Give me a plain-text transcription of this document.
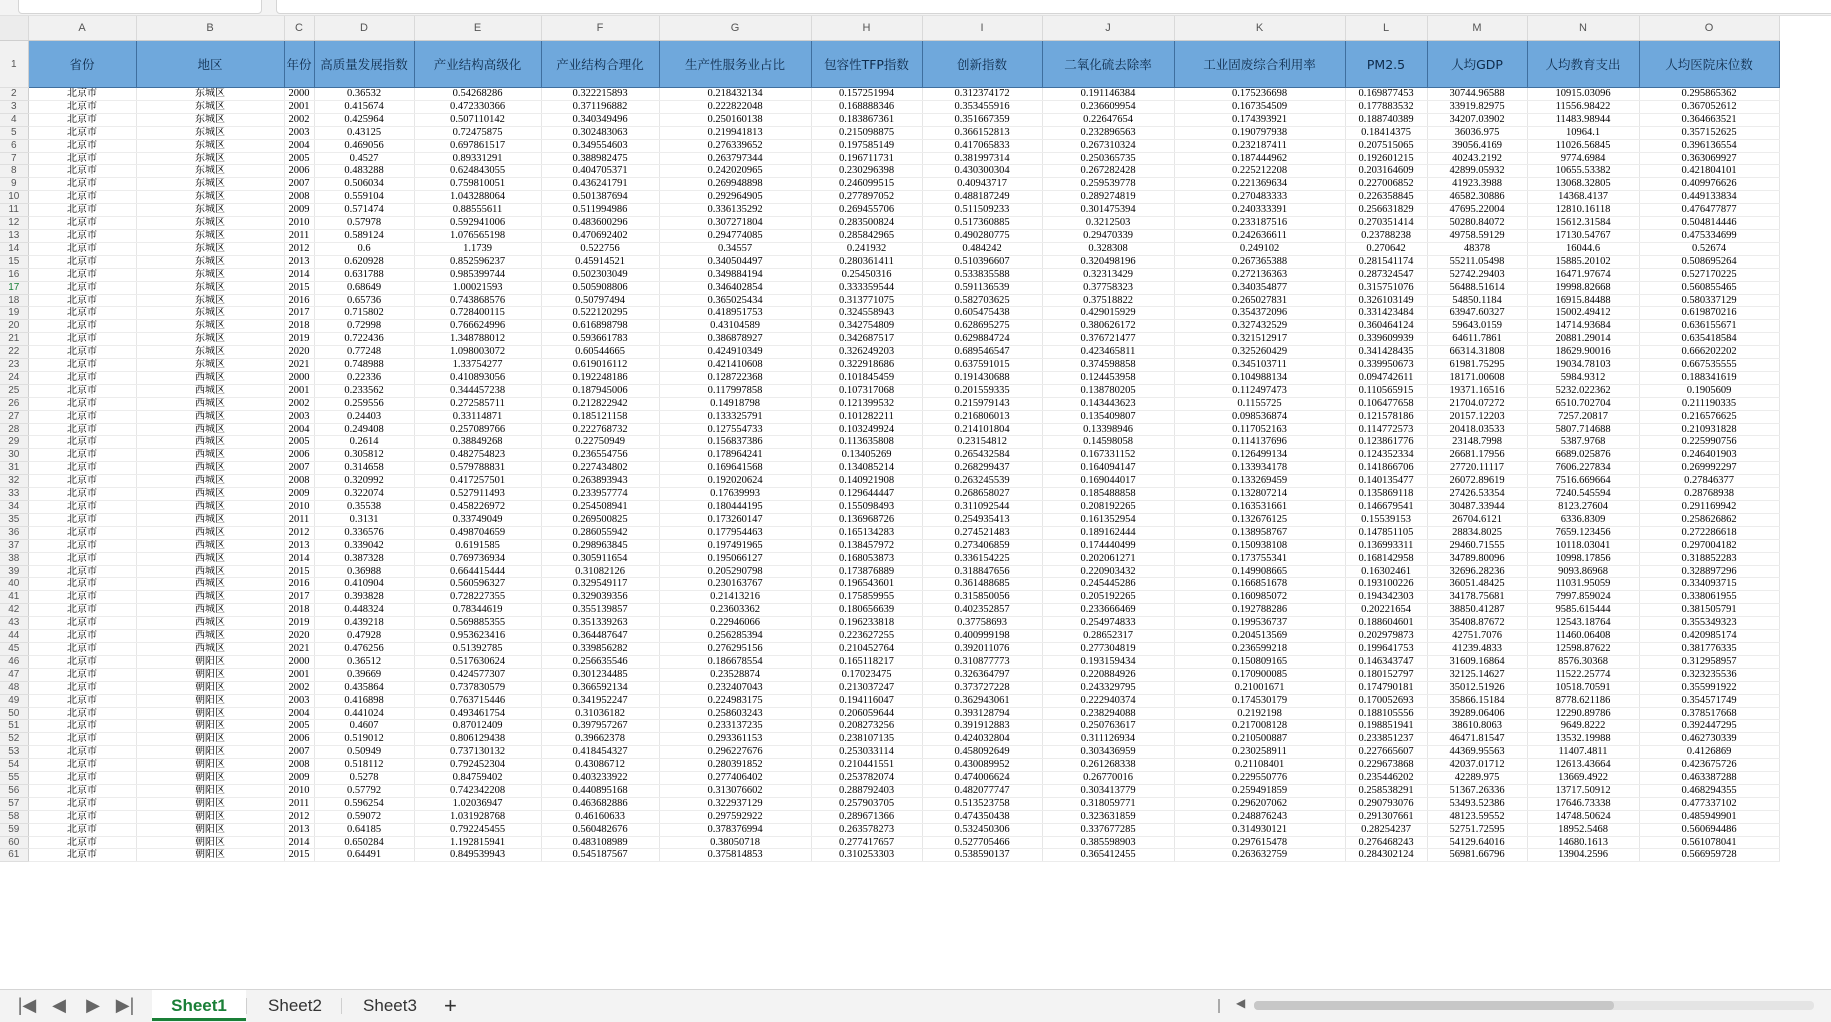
	A	B	C	D	E	F	G	H	I	J	K	L	M	N	O
1	省份	地区	年份	高质量发展指数	产业结构高级化	产业结构合理化	生产性服务业占比	包容性TFP指数	创新指数	二氧化硫去除率	工业固废综合利用率	PM2.5	人均GDP	人均教育支出	人均医院床位数
2	北京市	东城区	2000	0.36532	0.54268286	0.322215893	0.218432134	0.157251994	0.312374172	0.191146384	0.175236698	0.169877453	30744.96588	10915.03096	0.295865362
3	北京市	东城区	2001	0.415674	0.472330366	0.371196882	0.222822048	0.168888346	0.353455916	0.236609954	0.167354509	0.177883532	33919.82975	11556.98422	0.367052612
4	北京市	东城区	2002	0.425964	0.507110142	0.340349496	0.250160138	0.183867361	0.351667359	0.22647654	0.174393921	0.188740389	34207.03902	11483.98944	0.364663521
5	北京市	东城区	2003	0.43125	0.72475875	0.302483063	0.219941813	0.215098875	0.366152813	0.232896563	0.190797938	0.18414375	36036.975	10964.1	0.357152625
6	北京市	东城区	2004	0.469056	0.697861517	0.349554603	0.276339652	0.197585149	0.417065833	0.267310324	0.232187411	0.207515065	39056.4169	11026.56845	0.396136554
7	北京市	东城区	2005	0.4527	0.89331291	0.388982475	0.263797344	0.196711731	0.381997314	0.250365735	0.187444962	0.192601215	40243.2192	9774.6984	0.363069927
8	北京市	东城区	2006	0.483288	0.624843055	0.404705371	0.242020965	0.230296398	0.430300304	0.267282428	0.225212208	0.203164609	42899.05932	10655.53382	0.421804101
9	北京市	东城区	2007	0.506034	0.759810051	0.436241791	0.269948898	0.246099515	0.40943717	0.259539778	0.221369634	0.227006852	41923.3988	13068.32805	0.409976626
10	北京市	东城区	2008	0.559104	1.043288064	0.501387694	0.292964905	0.277897052	0.488187249	0.289274819	0.270483333	0.226358845	46582.30886	14368.4137	0.449133834
11	北京市	东城区	2009	0.571474	0.88555611	0.511994986	0.336135292	0.269455706	0.511509233	0.301475394	0.240333391	0.256631829	47695.22004	12810.16118	0.476477877
12	北京市	东城区	2010	0.57978	0.592941006	0.483600296	0.307271804	0.283500824	0.517360885	0.3212503	0.233187516	0.270351414	50280.84072	15612.31584	0.504814446
13	北京市	东城区	2011	0.589124	1.076565198	0.470692402	0.294774085	0.285842965	0.490280775	0.29470339	0.242636611	0.23788238	49758.59129	17130.54767	0.475334699
14	北京市	东城区	2012	0.6	1.1739	0.522756	0.34557	0.241932	0.484242	0.328308	0.249102	0.270642	48378	16044.6	0.52674
15	北京市	东城区	2013	0.620928	0.852596237	0.45914521	0.340504497	0.280361411	0.510396607	0.320498196	0.267365388	0.281541174	55211.05498	15885.20102	0.508695264
16	北京市	东城区	2014	0.631788	0.985399744	0.502303049	0.349884194	0.25450316	0.533835588	0.32313429	0.272136363	0.287324547	52742.29403	16471.97674	0.527170225
17	北京市	东城区	2015	0.68649	1.00021593	0.505908806	0.346402854	0.333359544	0.591136539	0.37758323	0.340354877	0.315751076	56488.51614	19998.82668	0.560855465
18	北京市	东城区	2016	0.65736	0.743868576	0.50797494	0.365025434	0.313771075	0.582703625	0.37518822	0.265027831	0.326103149	54850.1184	16915.84488	0.580337129
19	北京市	东城区	2017	0.715802	0.728400115	0.522120295	0.418951753	0.324558943	0.605475438	0.429015929	0.354372096	0.331423484	63947.60327	15002.49412	0.619870216
20	北京市	东城区	2018	0.72998	0.766624996	0.616898798	0.43104589	0.342754809	0.628695275	0.380626172	0.327432529	0.360464124	59643.0159	14714.93684	0.636155671
21	北京市	东城区	2019	0.722436	1.348788012	0.593661783	0.386878927	0.342687517	0.629884724	0.376721477	0.321512917	0.339609939	64611.7861	20881.29014	0.635418584
22	北京市	东城区	2020	0.77248	1.098003072	0.60544665	0.424910349	0.326249203	0.689546547	0.423465811	0.325260429	0.341428435	66314.31808	18629.90016	0.666202202
23	北京市	东城区	2021	0.748988	1.33754277	0.619016112	0.421410608	0.322918686	0.637591015	0.374598858	0.345103711	0.339950673	61981.75295	19034.78103	0.667535555
24	北京市	西城区	2000	0.22336	0.410893056	0.192248186	0.128722368	0.101845459	0.191430688	0.124453958	0.104988134	0.094742611	18171.00608	5984.9312	0.188341619
25	北京市	西城区	2001	0.233562	0.344457238	0.187945006	0.117997858	0.107317068	0.201559335	0.138780205	0.112497473	0.110565915	19371.16516	5232.022362	0.1905609
26	北京市	西城区	2002	0.259556	0.272585711	0.212822942	0.14918798	0.121399532	0.215979143	0.143443623	0.1155725	0.106477658	21704.07272	6510.702704	0.211190335
27	北京市	西城区	2003	0.24403	0.33114871	0.185121158	0.133325791	0.101282211	0.216806013	0.135409807	0.098536874	0.121578186	20157.12203	7257.20817	0.216576625
28	北京市	西城区	2004	0.249408	0.257089766	0.222768732	0.127554733	0.103249924	0.214101804	0.13398946	0.117052163	0.114772573	20418.03533	5807.714688	0.210931828
29	北京市	西城区	2005	0.2614	0.38849268	0.22750949	0.156837386	0.113635808	0.23154812	0.14598058	0.114137696	0.123861776	23148.7998	5387.9768	0.225990756
30	北京市	西城区	2006	0.305812	0.482754823	0.236554756	0.178964241	0.13405269	0.265432584	0.167331152	0.126499134	0.124352334	26681.17956	6689.025876	0.246401903
31	北京市	西城区	2007	0.314658	0.579788831	0.227434802	0.169641568	0.134085214	0.268299437	0.164094147	0.133934178	0.141866706	27720.11117	7606.227834	0.269992297
32	北京市	西城区	2008	0.320992	0.417257501	0.263893943	0.192020624	0.140921908	0.263245539	0.169044017	0.133269459	0.140135477	26072.89619	7516.669664	0.27846377
33	北京市	西城区	2009	0.322074	0.527911493	0.233957774	0.17639993	0.129644447	0.268658027	0.185488858	0.132807214	0.135869118	27426.53354	7240.545594	0.28768938
34	北京市	西城区	2010	0.35538	0.458226972	0.254508941	0.180444195	0.155098493	0.311092544	0.208192265	0.163531661	0.146679541	30487.33944	8123.27604	0.291169942
35	北京市	西城区	2011	0.3131	0.33749049	0.269500825	0.173260147	0.136968726	0.254935413	0.161352954	0.132676125	0.15539153	26704.6121	6336.8309	0.258626862
36	北京市	西城区	2012	0.336576	0.498704659	0.286055942	0.177954463	0.165134283	0.274521483	0.189162444	0.138958767	0.147851105	28834.8025	7659.123456	0.272286618
37	北京市	西城区	2013	0.339042	0.6191585	0.298963845	0.197491965	0.138457972	0.273406859	0.174440499	0.150938108	0.136993311	29460.71555	10118.03041	0.297004182
38	北京市	西城区	2014	0.387328	0.769736934	0.305911654	0.195066127	0.168053873	0.336154225	0.202061271	0.173755341	0.168142958	34789.80096	10998.17856	0.318852283
39	北京市	西城区	2015	0.36988	0.664415444	0.31082126	0.205290798	0.173876889	0.318847656	0.220903432	0.149908665	0.16302461	32696.28236	9093.86968	0.328897296
40	北京市	西城区	2016	0.410904	0.560596327	0.329549117	0.230163767	0.196543601	0.361488685	0.245445286	0.166851678	0.193100226	36051.48425	11031.95059	0.334093715
41	北京市	西城区	2017	0.393828	0.728227355	0.329039356	0.21413216	0.175859955	0.315850056	0.205192265	0.160985072	0.194342303	34178.75681	7997.859024	0.338061955
42	北京市	西城区	2018	0.448324	0.78344619	0.355139857	0.23603362	0.180656639	0.402352857	0.233666469	0.192788286	0.20221654	38850.41287	9585.615444	0.381505791
43	北京市	西城区	2019	0.439218	0.569885355	0.351339263	0.22946066	0.196233818	0.37758693	0.254974833	0.199536737	0.188604601	35408.87672	12543.18764	0.355349323
44	北京市	西城区	2020	0.47928	0.953623416	0.364487647	0.256285394	0.223627255	0.400999198	0.28652317	0.204513569	0.202979873	42751.7076	11460.06408	0.420985174
45	北京市	西城区	2021	0.476256	0.51392785	0.339856282	0.276295156	0.210452764	0.392011076	0.277304819	0.236599218	0.199641753	41239.4833	12598.87622	0.381776335
46	北京市	朝阳区	2000	0.36512	0.517630624	0.256635546	0.186678554	0.165118217	0.310877773	0.193159434	0.150809165	0.146343747	31609.16864	8576.30368	0.312958957
47	北京市	朝阳区	2001	0.39669	0.424577307	0.301234485	0.23528874	0.17023475	0.326364797	0.220884926	0.170900085	0.180152797	32125.14627	11522.25774	0.323235536
48	北京市	朝阳区	2002	0.435864	0.737830579	0.366592134	0.232407043	0.213037247	0.373727228	0.243329795	0.21001671	0.174790181	35012.51926	10518.70591	0.355991922
49	北京市	朝阳区	2003	0.416898	0.763715446	0.341952247	0.224983175	0.194116047	0.362943061	0.222940374	0.174530179	0.170052693	35866.15184	8778.621186	0.354571749
50	北京市	朝阳区	2004	0.441024	0.493461754	0.31036182	0.258603243	0.206059644	0.393128794	0.238294088	0.2192198	0.188105556	39289.06406	12290.89786	0.378517668
51	北京市	朝阳区	2005	0.4607	0.87012409	0.397957267	0.233137235	0.208273256	0.391912883	0.250763617	0.217008128	0.198851941	38610.8063	9649.8222	0.392447295
52	北京市	朝阳区	2006	0.519012	0.806129438	0.39662378	0.293361153	0.238107135	0.424032804	0.311126934	0.210500887	0.233851237	46471.81547	13532.19988	0.462730339
53	北京市	朝阳区	2007	0.50949	0.737130132	0.418454327	0.296227676	0.253033114	0.458092649	0.303436959	0.230258911	0.227665607	44369.95563	11407.4811	0.4126869
54	北京市	朝阳区	2008	0.518112	0.792452304	0.43086712	0.280391852	0.210441551	0.430089952	0.261268338	0.21108401	0.229673868	42037.01712	12613.43664	0.423675726
55	北京市	朝阳区	2009	0.5278	0.84759402	0.403233922	0.277406402	0.253782074	0.474006624	0.26770016	0.229550776	0.235446202	42289.975	13669.4922	0.463387288
56	北京市	朝阳区	2010	0.57792	0.742342208	0.440895168	0.313076602	0.288792403	0.482077747	0.303413779	0.259491859	0.258538291	51367.26336	13717.50912	0.468294355
57	北京市	朝阳区	2011	0.596254	1.02036947	0.463682886	0.322937129	0.257903705	0.513523758	0.318059771	0.296207062	0.290793076	53493.52386	17646.73338	0.477337102
58	北京市	朝阳区	2012	0.59072	1.031928768	0.46160633	0.297592922	0.289671366	0.474350438	0.323631859	0.248876243	0.291307661	48123.59552	14748.50624	0.485949901
59	北京市	朝阳区	2013	0.64185	0.792245455	0.560482676	0.378376994	0.263578273	0.532450306	0.337677285	0.314930121	0.28254237	52751.72595	18952.5468	0.560694486
60	北京市	朝阳区	2014	0.650284	1.192815941	0.483108989	0.38050718	0.277417657	0.527705466	0.385598903	0.297615478	0.276468243	54129.64016	14680.1613	0.561078041
61	北京市	朝阳区	2015	0.64491	0.849539943	0.545187567	0.375814853	0.310253303	0.538590137	0.365412455	0.263632759	0.284302124	56981.66796	13904.2596	0.566959728
|◀ ◀	▶ ▶|	Sheet1	Sheet2	Sheet3	+	◀
